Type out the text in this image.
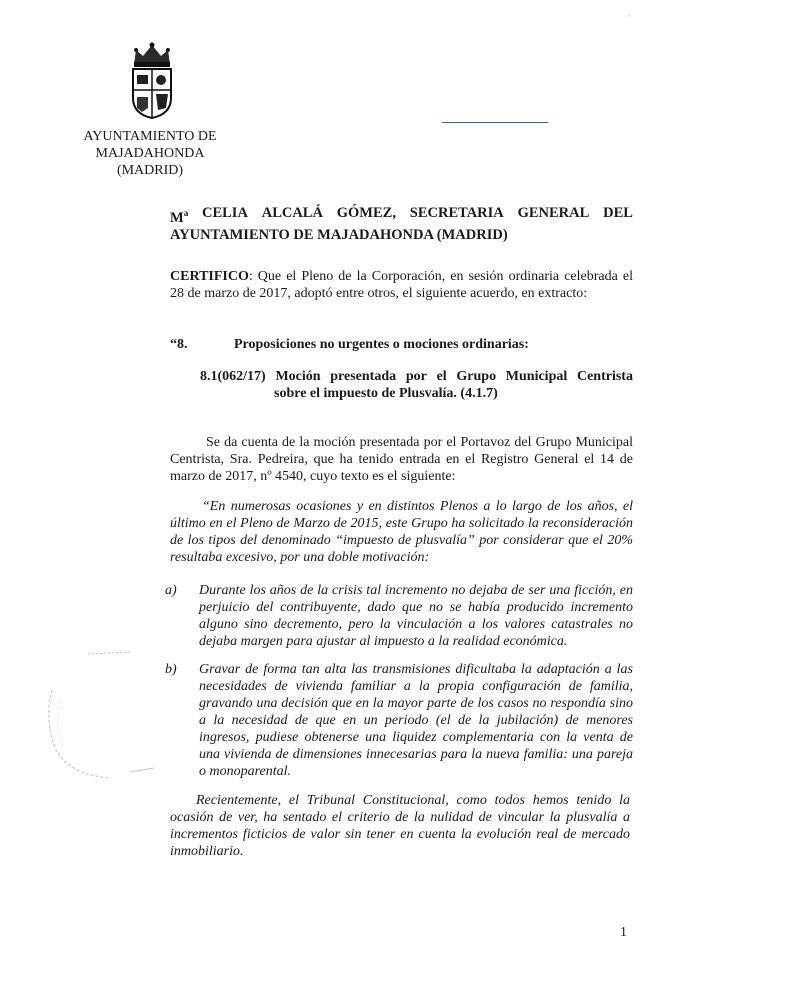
`
AYUNTAMIENTO DE
MAJADAHONDA
(MADRID)
$M^a$ CELIA ALCALÁ GÓMEZ, SECRETARIA GENERAL DEL
AYUNTAMIENTO DE MAJADAHONDA (MADRID)
CERTIFICO: Que el Pleno de la Corporación, en sesión ordinaria celebrada el 28 de marzo de 2017, adoptó entre otros, el siguiente acuerdo, en extracto:
“8.	Proposiciones no urgentes o mociones ordinarias:
8.1(062/17) Moción presentada por el Grupo Municipal Centrista
sobre el impuesto de Plusvalía. (4.1.7)
Se da cuenta de la moción presentada por el Portavoz del Grupo Municipal Centrista, Sra. Pedreira, que ha tenido entrada en el Registro General el 14 de marzo de 2017, nº 4540, cuyo texto es el siguiente:
“En numerosas ocasiones y en distintos Plenos a lo largo de los años, el último en el Pleno de Marzo de 2015, este Grupo ha solicitado la reconsideración de los tipos del denominado “impuesto de plusvalía” por considerar que el 20% resultaba excesivo, por una doble motivación:
a)	Durante los años de la crisis tal incremento no dejaba de ser una ficción, en perjuicio del contribuyente, dado que no se había producido incremento alguno sino decremento, pero la vinculación a los valores catastrales no dejaba margen para ajustar al impuesto a la realidad económica.
b)	Gravar de forma tan alta las transmisiones dificultaba la adaptación a las necesidades de vivienda familiar a la propia configuración de familia, gravando una decisión que en la mayor parte de los casos no respondía sino a la necesidad de que en un periodo (el de la jubilación) de menores ingresos, pudiese obtenerse una liquidez complementaria con la venta de una vivienda de dimensiones innecesarias para la nueva familia: una pareja o monoparental.
Recientemente, el Tribunal Constitucional, como todos hemos tenido la ocasión de ver, ha sentado el criterio de la nulidad de vincular la plusvalía a incrementos ficticios de valor sin tener en cuenta la evolución real de mercado inmobiliario.
1
